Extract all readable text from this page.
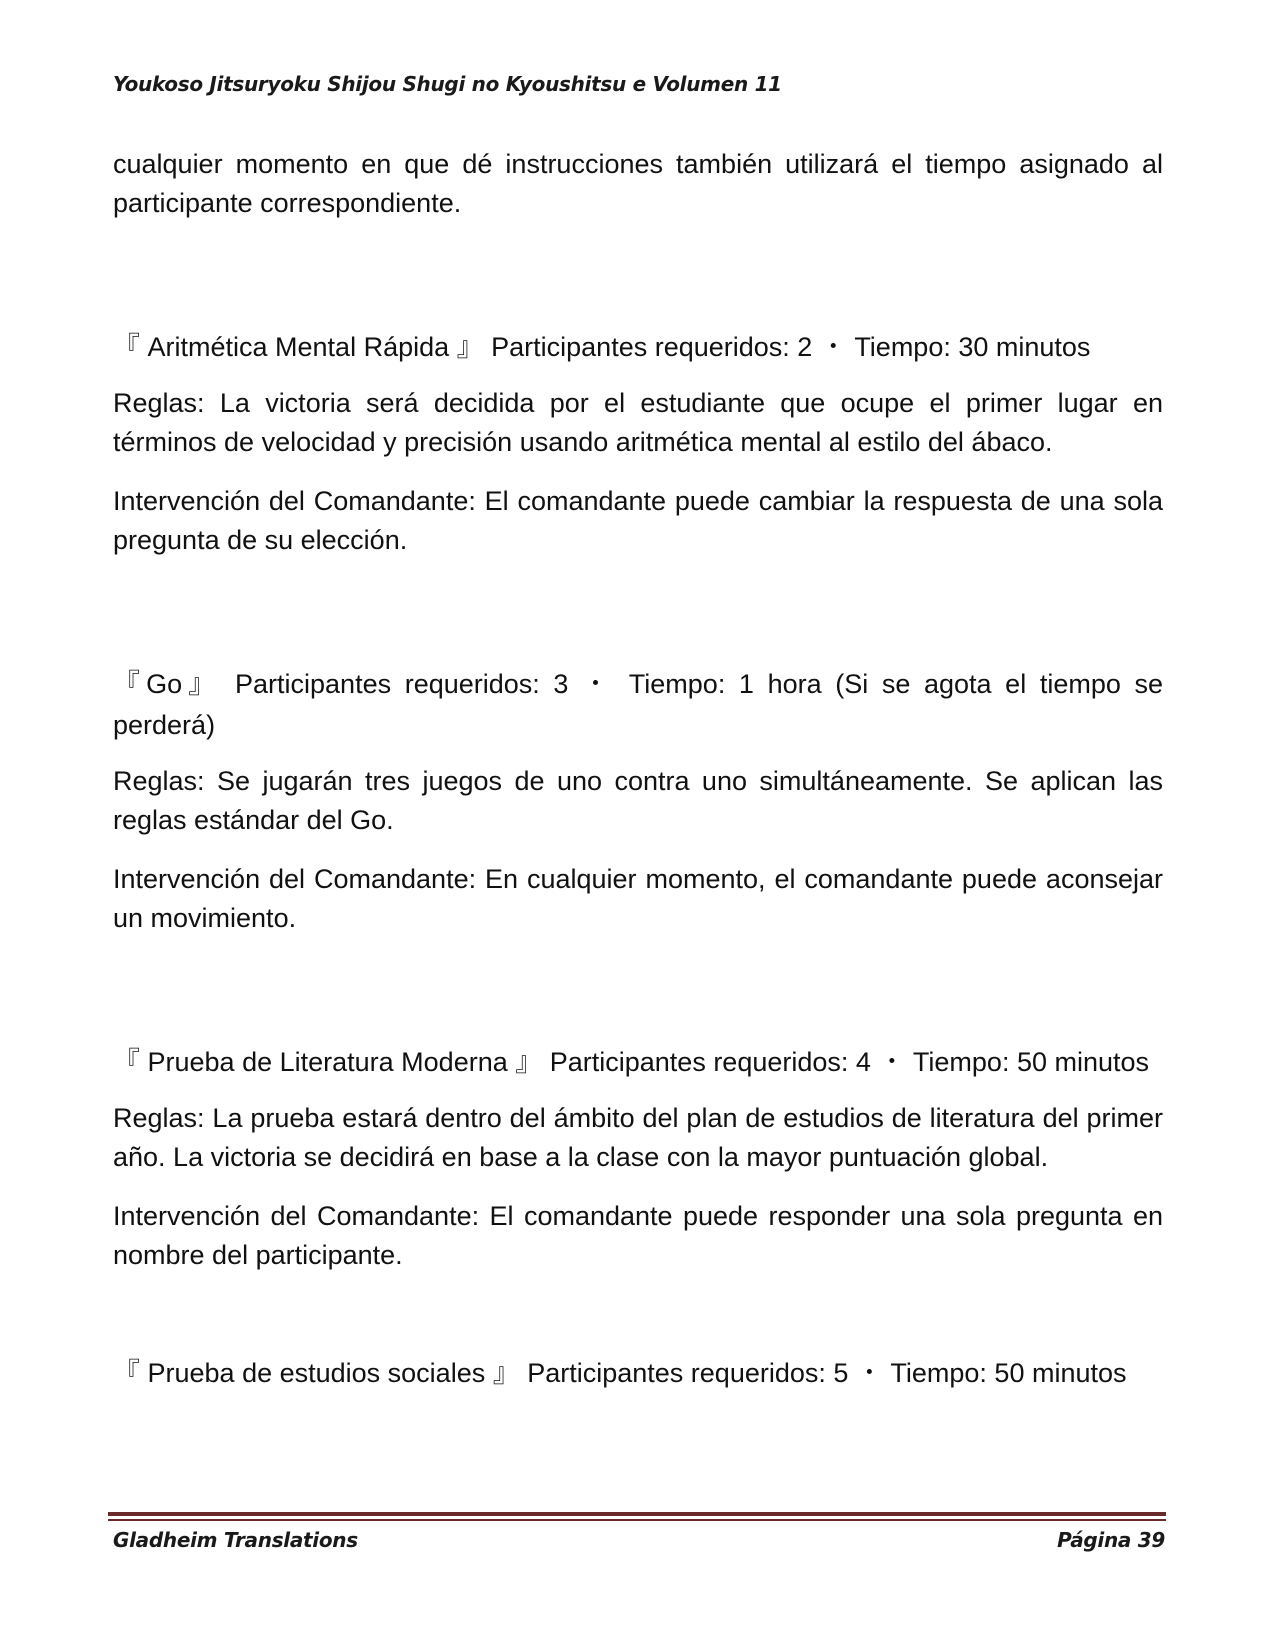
Youkoso Jitsuryoku Shijou Shugi no Kyoushitsu e Volumen 11

cualquier momento en que dé instrucciones también utilizará el tiempo asignado al participante correspondiente.

『 Aritmética Mental Rápida 』 Participantes requeridos: 2 ・ Tiempo: 30 minutos

Reglas: La victoria será decidida por el estudiante que ocupe el primer lugar en términos de velocidad y precisión usando aritmética mental al estilo del ábaco.

Intervención del Comandante: El comandante puede cambiar la respuesta de una sola pregunta de su elección.

『Go』 Participantes requeridos: 3 ・ Tiempo: 1 hora (Si se agota el tiempo se perderá)

Reglas: Se jugarán tres juegos de uno contra uno simultáneamente. Se aplican las reglas estándar del Go.

Intervención del Comandante: En cualquier momento, el comandante puede aconsejar un movimiento.

『 Prueba de Literatura Moderna 』 Participantes requeridos: 4 ・ Tiempo: 50 minutos

Reglas: La prueba estará dentro del ámbito del plan de estudios de literatura del primer año. La victoria se decidirá en base a la clase con la mayor puntuación global.

Intervención del Comandante: El comandante puede responder una sola pregunta en nombre del participante.

『 Prueba de estudios sociales 』 Participantes requeridos: 5 ・ Tiempo: 50 minutos

Gladheim Translations	Página 39
